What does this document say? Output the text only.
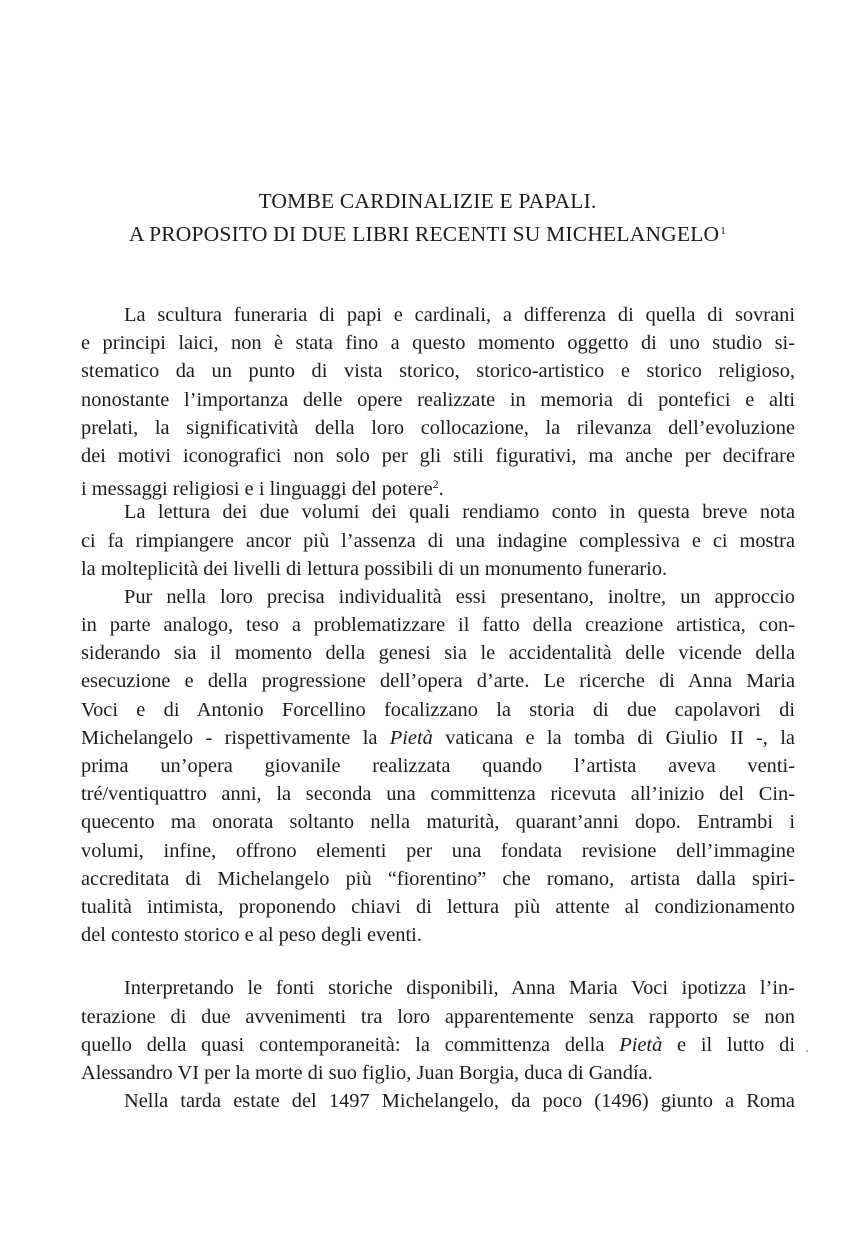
TOMBE CARDINALIZIE E PAPALI.
A PROPOSITO DI DUE LIBRI RECENTI SU MICHELANGELO$^1$
La scultura funeraria di papi e cardinali, a differenza di quella di sovrani
e principi laici, non è stata fino a questo momento oggetto di uno studio si-
stematico da un punto di vista storico, storico-artistico e storico religioso,
nonostante l’importanza delle opere realizzate in memoria di pontefici e alti
prelati, la significatività della loro collocazione, la rilevanza dell’evoluzione
dei motivi iconografici non solo per gli stili figurativi, ma anche per decifrare
i messaggi religiosi e i linguaggi del potere$^2$.
La lettura dei due volumi dei quali rendiamo conto in questa breve nota
ci fa rimpiangere ancor più l’assenza di una indagine complessiva e ci mostra
la molteplicità dei livelli di lettura possibili di un monumento funerario.
Pur nella loro precisa individualità essi presentano, inoltre, un approccio
in parte analogo, teso a problematizzare il fatto della creazione artistica, con-
siderando sia il momento della genesi sia le accidentalità delle vicende della
esecuzione e della progressione dell’opera d’arte. Le ricerche di Anna Maria
Voci e di Antonio Forcellino focalizzano la storia di due capolavori di
Michelangelo - rispettivamente la Pietà vaticana e la tomba di Giulio II -, la
prima un’opera giovanile realizzata quando l’artista aveva venti-
tré/ventiquattro anni, la seconda una committenza ricevuta all’inizio del Cin-
quecento ma onorata soltanto nella maturità, quarant’anni dopo. Entrambi i
volumi, infine, offrono elementi per una fondata revisione dell’immagine
accreditata di Michelangelo più “fiorentino” che romano, artista dalla spiri-
tualità intimista, proponendo chiavi di lettura più attente al condizionamento
del contesto storico e al peso degli eventi.
Interpretando le fonti storiche disponibili, Anna Maria Voci ipotizza l’in-
terazione di due avvenimenti tra loro apparentemente senza rapporto se non
quello della quasi contemporaneità: la committenza della Pietà e il lutto di
Alessandro VI per la morte di suo figlio, Juan Borgia, duca di Gandía.
Nella tarda estate del 1497 Michelangelo, da poco (1496) giunto a Roma
